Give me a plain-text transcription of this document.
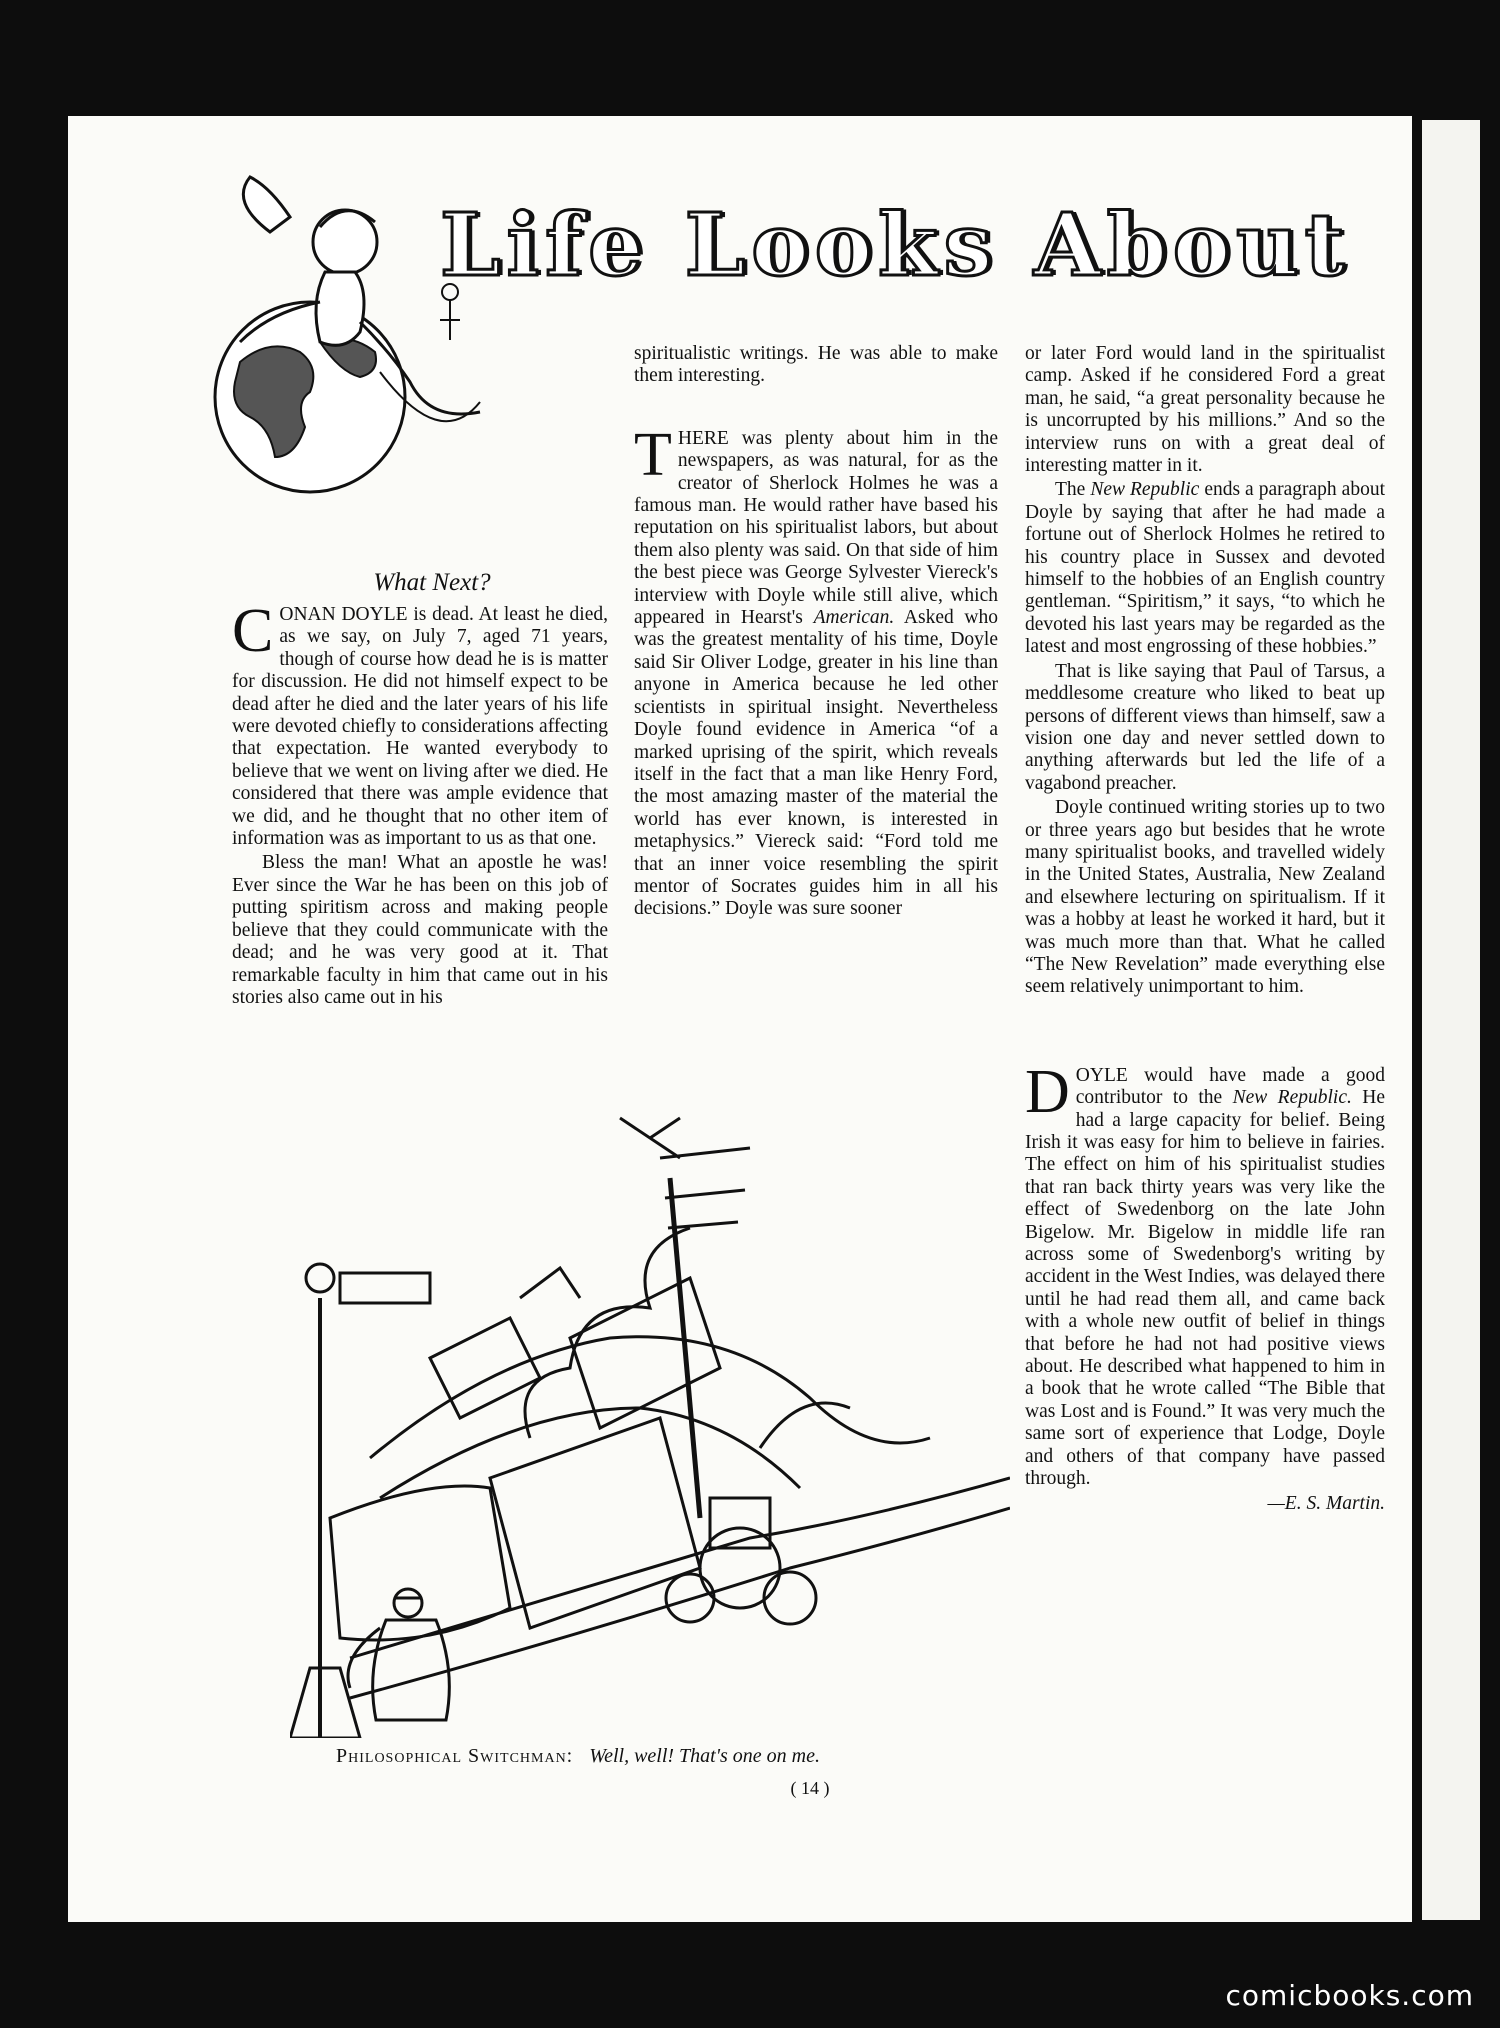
Life Looks About
What Next?

CONAN DOYLE is dead. At least he died, as we say, on July 7, aged 71 years, though of course how dead he is is matter for discussion. He did not himself expect to be dead after he died and the later years of his life were devoted chiefly to considerations affecting that expectation. He wanted everybody to believe that we went on living after we died. He considered that there was ample evidence that we did, and he thought that no other item of information was as important to us as that one.

Bless the man! What an apostle he was! Ever since the War he has been on this job of putting spiritism across and making people believe that they could communicate with the dead; and he was very good at it. That remarkable faculty in him that came out in his stories also came out in his

spiritualistic writings. He was able to make them interesting.

THERE was plenty about him in the newspapers, as was natural, for as the creator of Sherlock Holmes he was a famous man. He would rather have based his reputation on his spiritualist labors, but about them also plenty was said. On that side of him the best piece was George Sylvester Viereck's interview with Doyle while still alive, which appeared in Hearst's American. Asked who was the greatest mentality of his time, Doyle said Sir Oliver Lodge, greater in his line than anyone in America because he led other scientists in spiritual insight. Nevertheless Doyle found evidence in America “of a marked uprising of the spirit, which reveals itself in the fact that a man like Henry Ford, the most amazing master of the material the world has ever known, is interested in metaphysics.” Viereck said: “Ford told me that an inner voice resembling the spirit mentor of Socrates guides him in all his decisions.” Doyle was sure sooner

or later Ford would land in the spiritualist camp. Asked if he considered Ford a great man, he said, “a great personality because he is uncorrupted by his millions.” And so the interview runs on with a great deal of interesting matter in it.

The New Republic ends a paragraph about Doyle by saying that after he had made a fortune out of Sherlock Holmes he retired to his country place in Sussex and devoted himself to the hobbies of an English country gentleman. “Spiritism,” it says, “to which he devoted his last years may be regarded as the latest and most engrossing of these hobbies.”

That is like saying that Paul of Tarsus, a meddlesome creature who liked to beat up persons of different views than himself, saw a vision one day and never settled down to anything afterwards but led the life of a vagabond preacher.

Doyle continued writing stories up to two or three years ago but besides that he wrote many spiritualist books, and travelled widely in the United States, Australia, New Zealand and elsewhere lecturing on spiritualism. If it was a hobby at least he worked it hard, but it was much more than that. What he called “The New Revelation” made everything else seem relatively unimportant to him.

DOYLE would have made a good contributor to the New Republic. He had a large capacity for belief. Being Irish it was easy for him to believe in fairies. The effect on him of his spiritualist studies that ran back thirty years was very like the effect of Swedenborg on the late John Bigelow. Mr. Bigelow in middle life ran across some of Swedenborg's writing by accident in the West Indies, was delayed there until he had read them all, and came back with a whole new outfit of belief in things that before he had not had positive views about. He described what happened to him in a book that he wrote called “The Bible that was Lost and is Found.” It was very much the same sort of experience that Lodge, Doyle and others of that company have passed through.

—E. S. Martin.

Philosophical Switchman: Well, well! That's one on me.
( 14 )
comicbooks.com
